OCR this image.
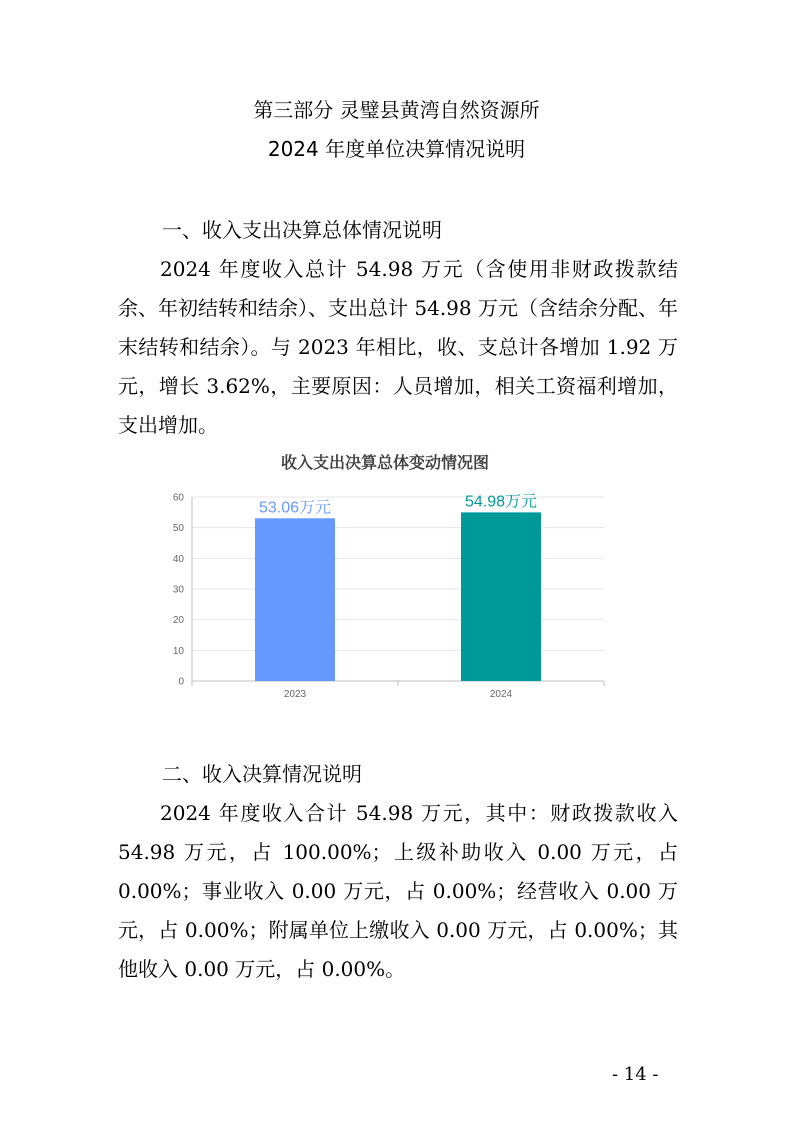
第三部分 灵璧县黄湾自然资源所
2024 年度单位决算情况说明
一、收入支出决算总体情况说明

2024 年度收入总计 54.98 万元（含使用非财政拨款结余、年初结转和结余）、支出总计 54.98 万元（含结余分配、年末结转和结余）。与 2023 年相比，收、支总计各增加 1.92 万元，增长 3.62%，主要原因：人员增加，相关工资福利增加，支出增加。

收入支出决算总体变动情况图
0
10
20
30
40
50
60
53.06万元
2023
54.98万元
2024
二、收入决算情况说明

2024 年度收入合计 54.98 万元，其中：财政拨款收入 54.98 万元，占 100.00%；上级补助收入 0.00 万元，占 0.00%；事业收入 0.00 万元，占 0.00%；经营收入 0.00 万元，占 0.00%；附属单位上缴收入 0.00 万元，占 0.00%；其他收入 0.00 万元，占 0.00%。

- 14 -
